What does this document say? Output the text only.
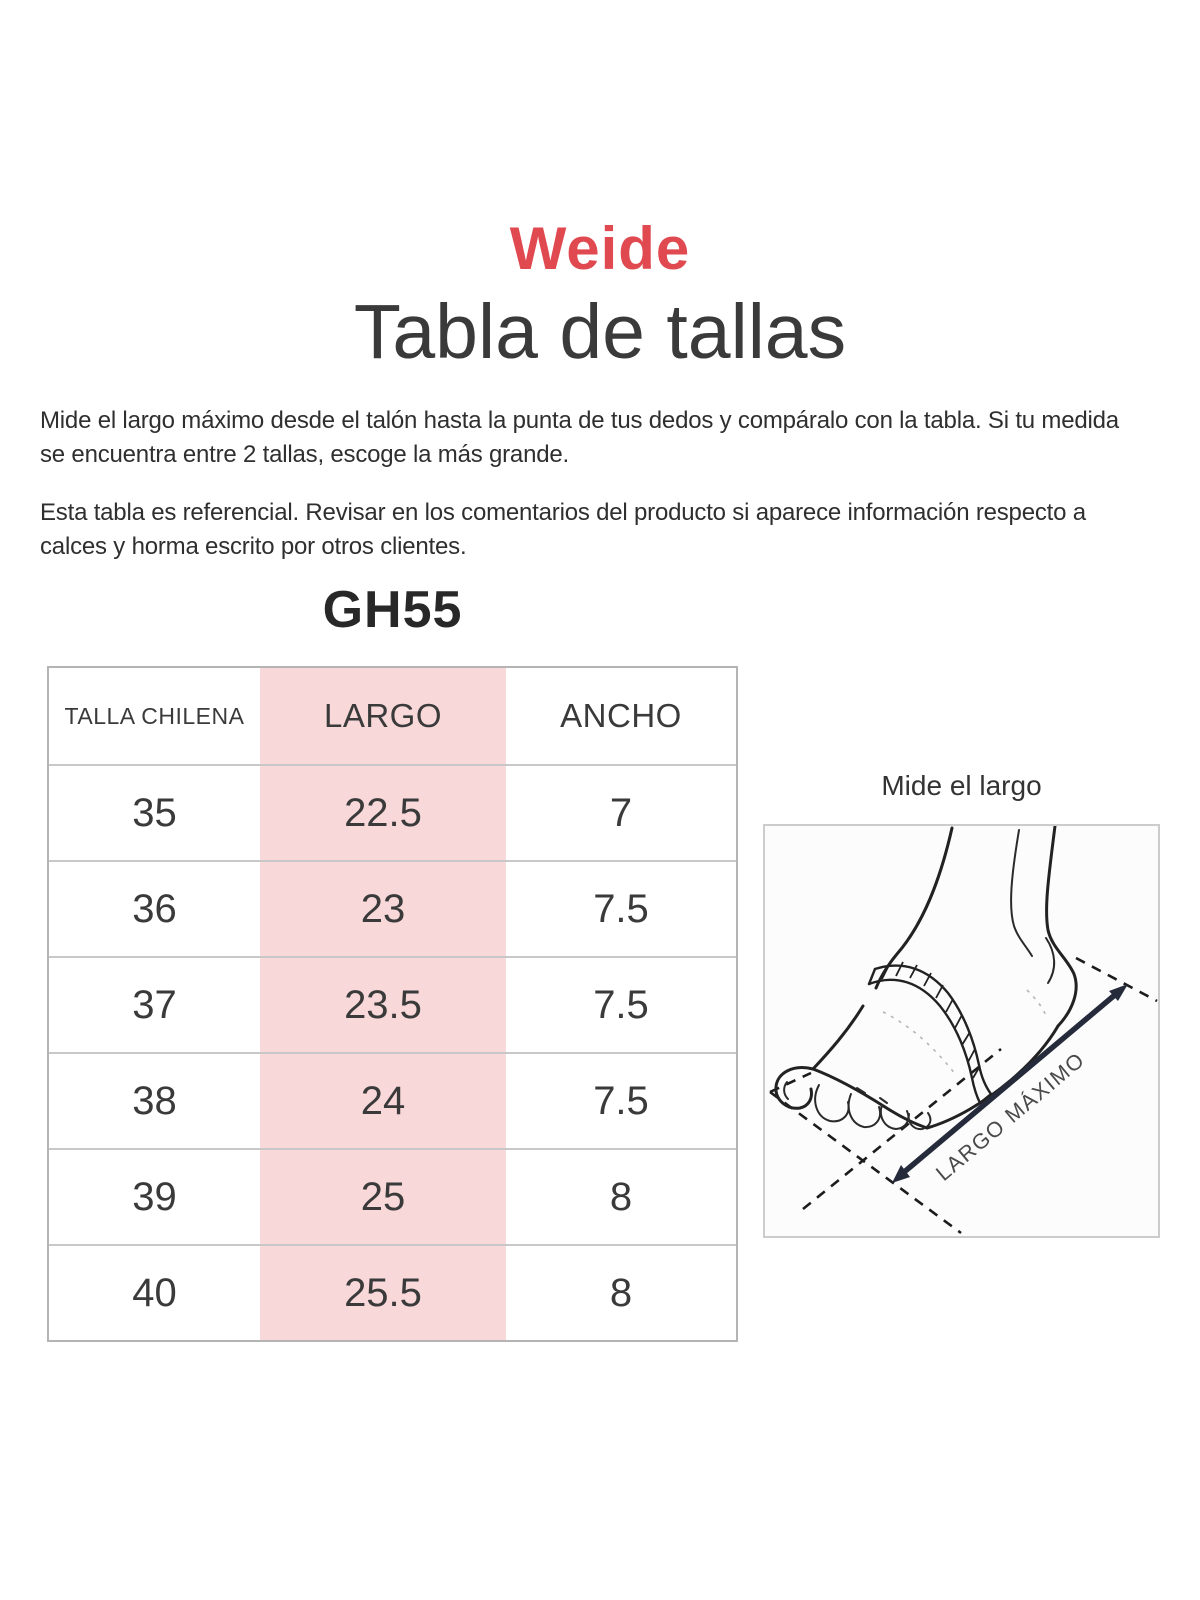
Weide
Tabla de tallas

Mide el largo máximo desde el talón hasta la punta de tus dedos y compáralo con la tabla. Si tu medida se encuentra entre 2 tallas, escoge la más grande.

Esta tabla es referencial. Revisar en los comentarios del producto si aparece información respecto a calces y horma escrito por otros clientes.

GH55
TALLA CHILENA	LARGO	ANCHO
35	22.5	7
36	23	7.5
37	23.5	7.5
38	24	7.5
39	25	8
40	25.5	8
Mide el largo
LARGO MÁXIMO
